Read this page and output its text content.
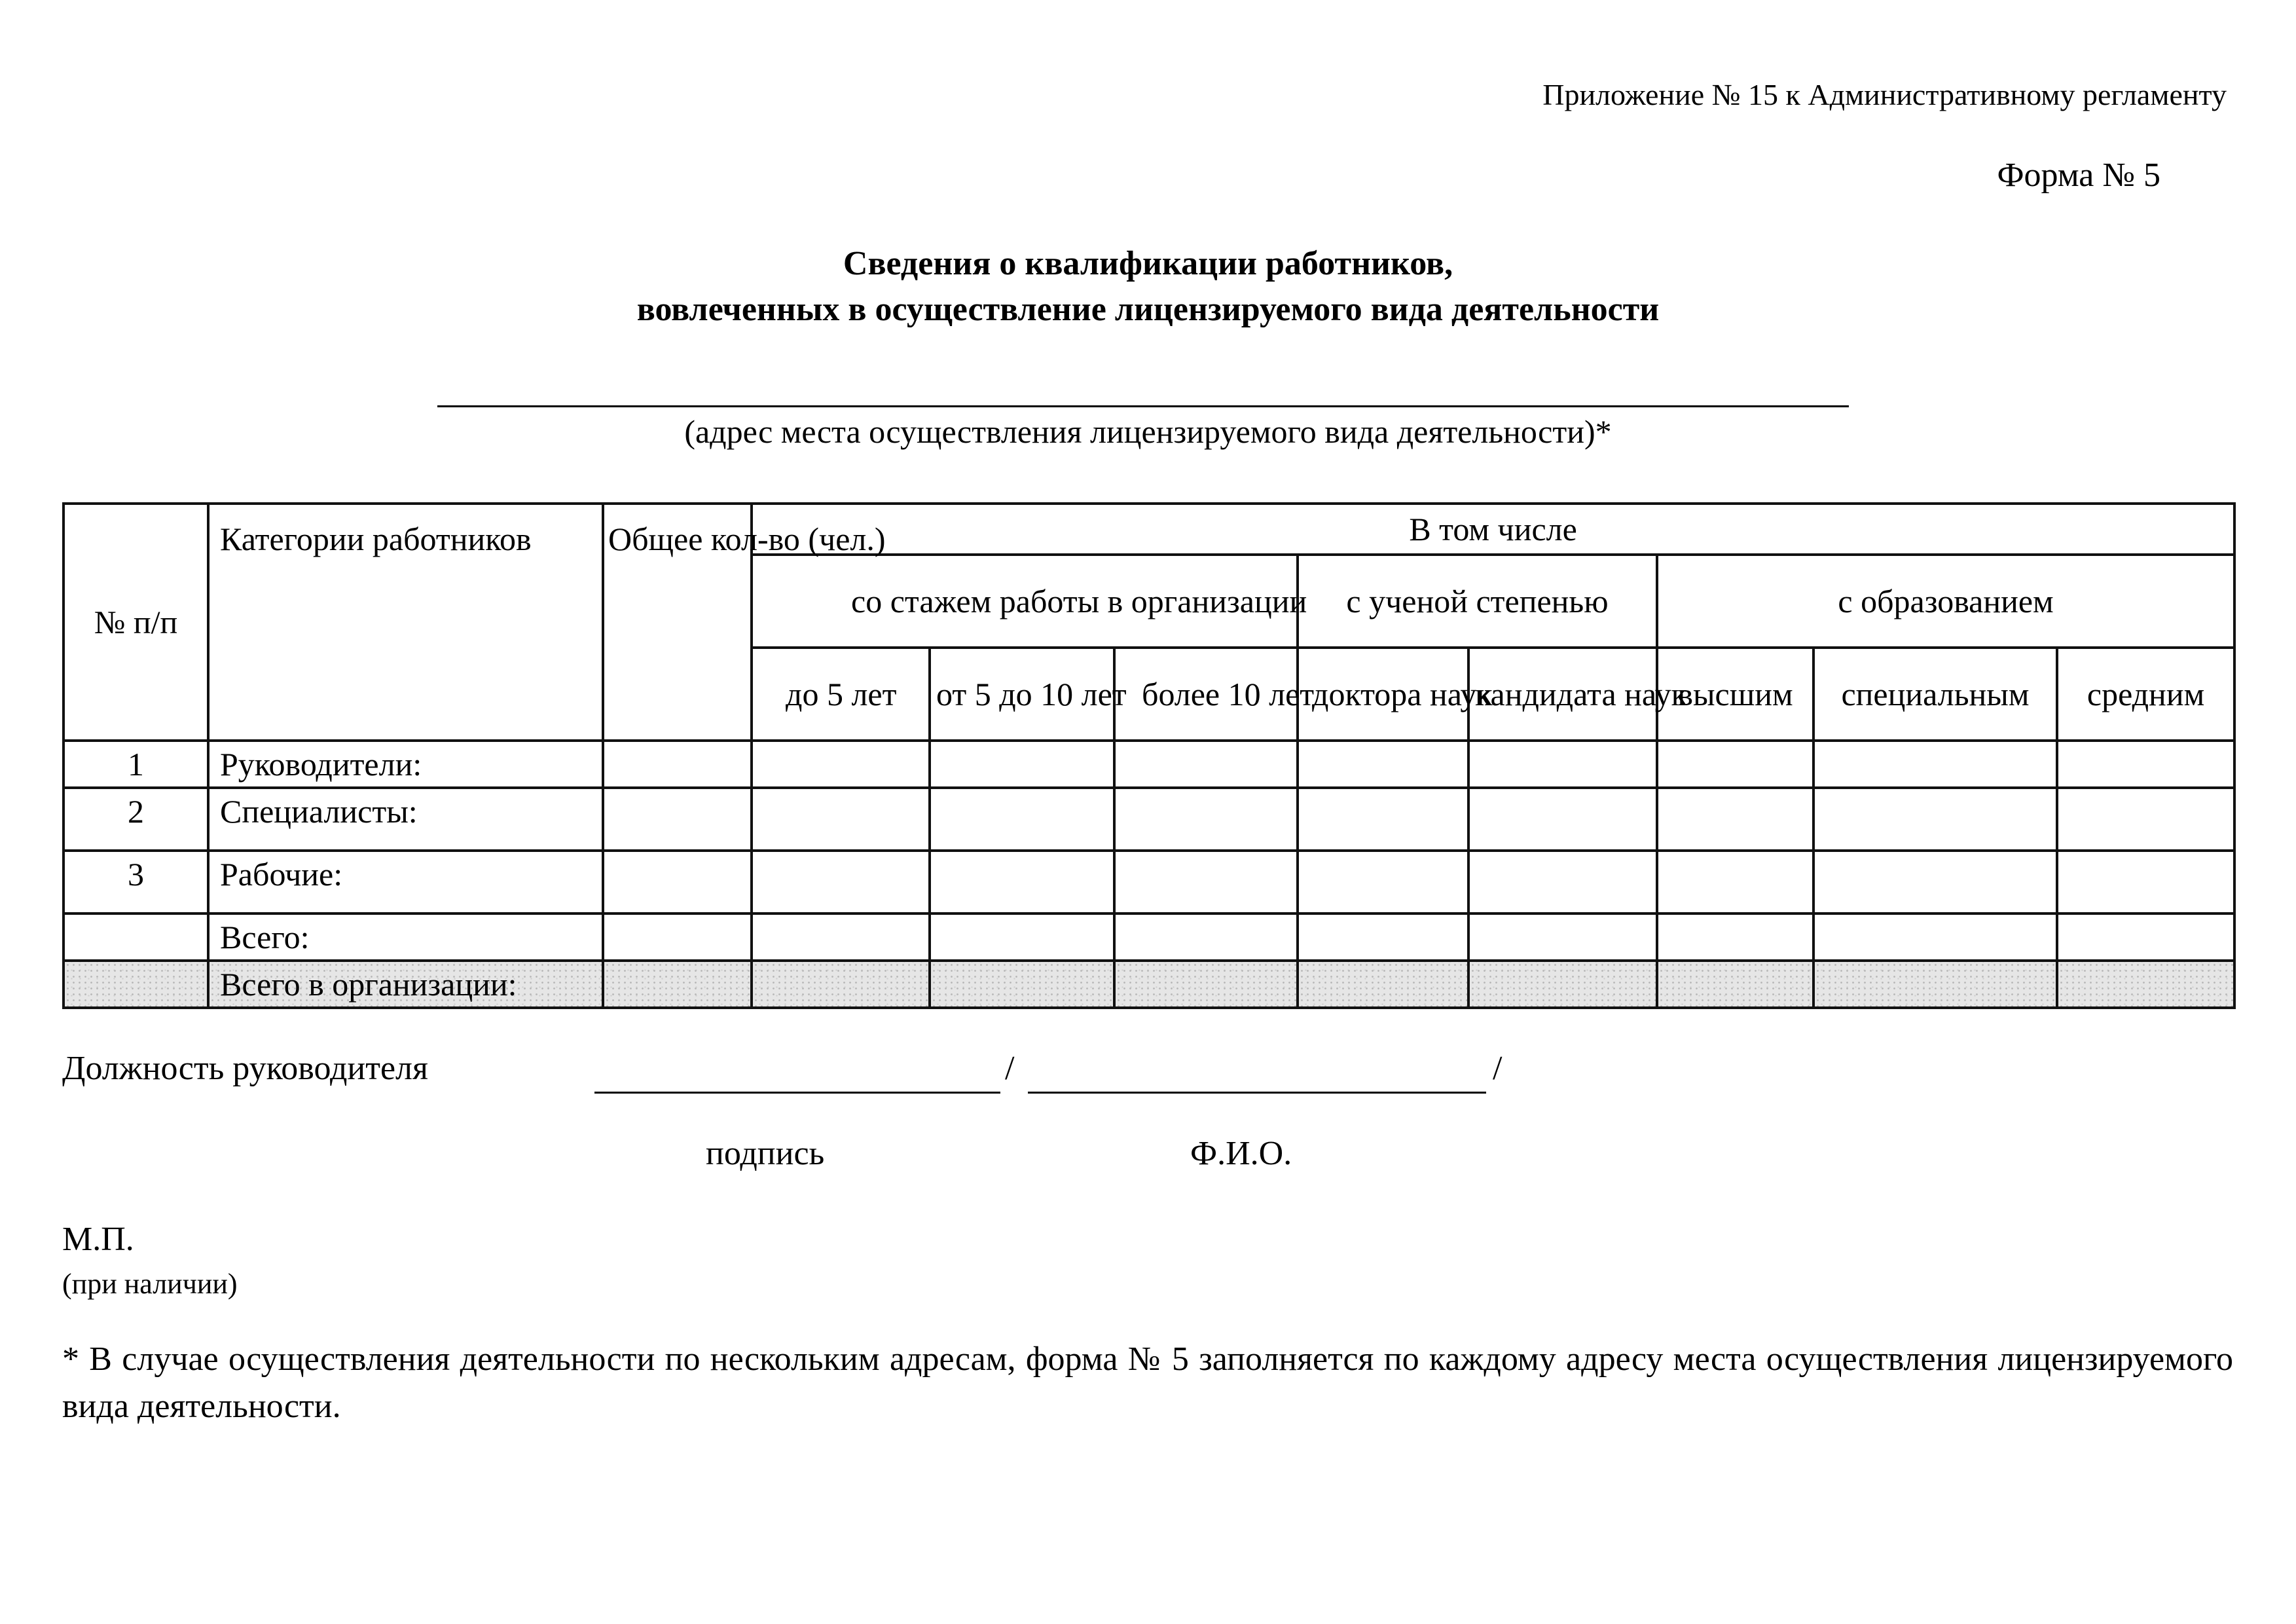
Приложение № 15 к Административному регламенту
Форма № 5
Сведения о квалификации работников,
вовлеченных в осуществление лицензируемого вида деятельности
(адрес места осуществления лицензируемого вида деятельности)*
№ п/п	Категории работников	Общее кол-во (чел.)	В том числе							
			со стажем работы в организации			с ученой степенью		с образованием		
			до 5 лет	от 5 до 10 лет	более 10 лет	доктора наук	кандидата наук	высшим	специальным	средним
1	Руководители:									
2	Специалисты:									
3	Рабочие:									
	Всего:									
	Всего в организации:									
Должность руководителя	/	/
подпись	Ф.И.О.
М.П.
(при наличии)
* В случае осуществления деятельности по нескольким адресам, форма № 5 заполняется по каждому адресу места осуществления лицензируемого вида деятельности.
